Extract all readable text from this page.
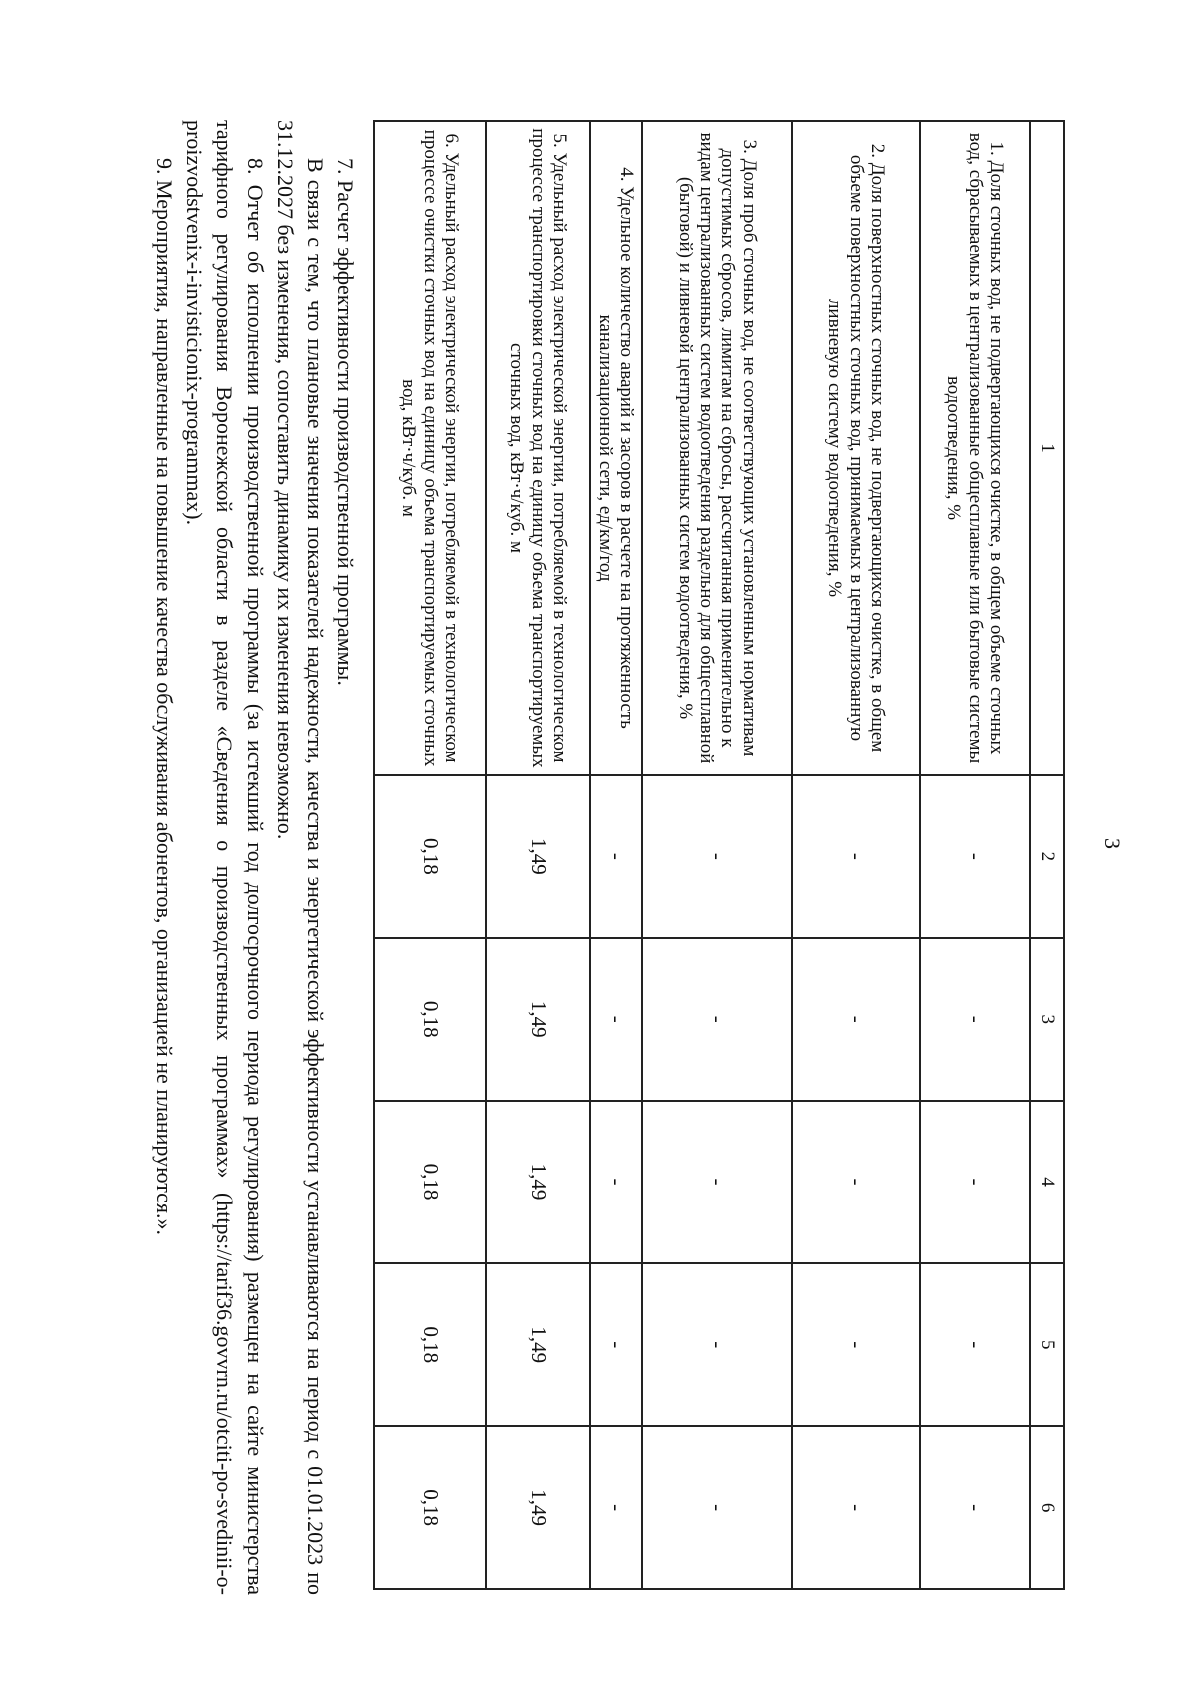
3
1	2	3	4	5	6
1. Доля сточных вод, не подвергающихся очистке, в общем объеме сточных вод, сбрасываемых в централизованные общесплавные или бытовые системы водоотведения, %	-	-	-	-	-
2. Доля поверхностных сточных вод, не подвергающихся очистке, в общем объеме поверхностных сточных вод, принимаемых в централизованную ливневую систему водоотведения, %	-	-	-	-	-
3. Доля проб сточных вод, не соответствующих установленным нормативам допустимых сбросов, лимитам на сбросы, рассчитанная применительно к видам централизованных систем водоотведения раздельно для общесплавной (бытовой) и ливневой централизованных систем водоотведения, %	-	-	-	-	-
4. Удельное количество аварий и засоров в расчете на протяженность канализационной сети, ед/км/год	-	-	-	-	-
5. Удельный расход электрической энергии, потребляемой в технологическом процессе транспортировки сточных вод на единицу объема транспортируемых сточных вод, кВт·ч/куб. м	1,49	1,49	1,49	1,49	1,49
6. Удельный расход электрической энергии, потребляемой в технологическом процессе очистки сточных вод на единицу объема транспортируемых сточных вод, кВт·ч/куб. м	0,18	0,18	0,18	0,18	0,18

7. Расчет эффективности производственной программы.

В связи с тем, что плановые значения показателей надежности, качества и энергетической эффективности устанавливаются на период с 01.01.2023 по 31.12.2027 без изменения, сопоставить динамику их изменения невозможно.

8. Отчет об исполнении производственной программы (за истекший год долгосрочного периода регулирования) размещен на сайте министерства тарифного регулирования Воронежской области в разделе «Сведения о производственных программах» (https://tarif36.govvrn.ru/otciti-po-svedinii-o-proizvodstvenix-i-invisticionix-programmax).

9. Мероприятия, направленные на повышение качества обслуживания абонентов, организацией не планируются.».
